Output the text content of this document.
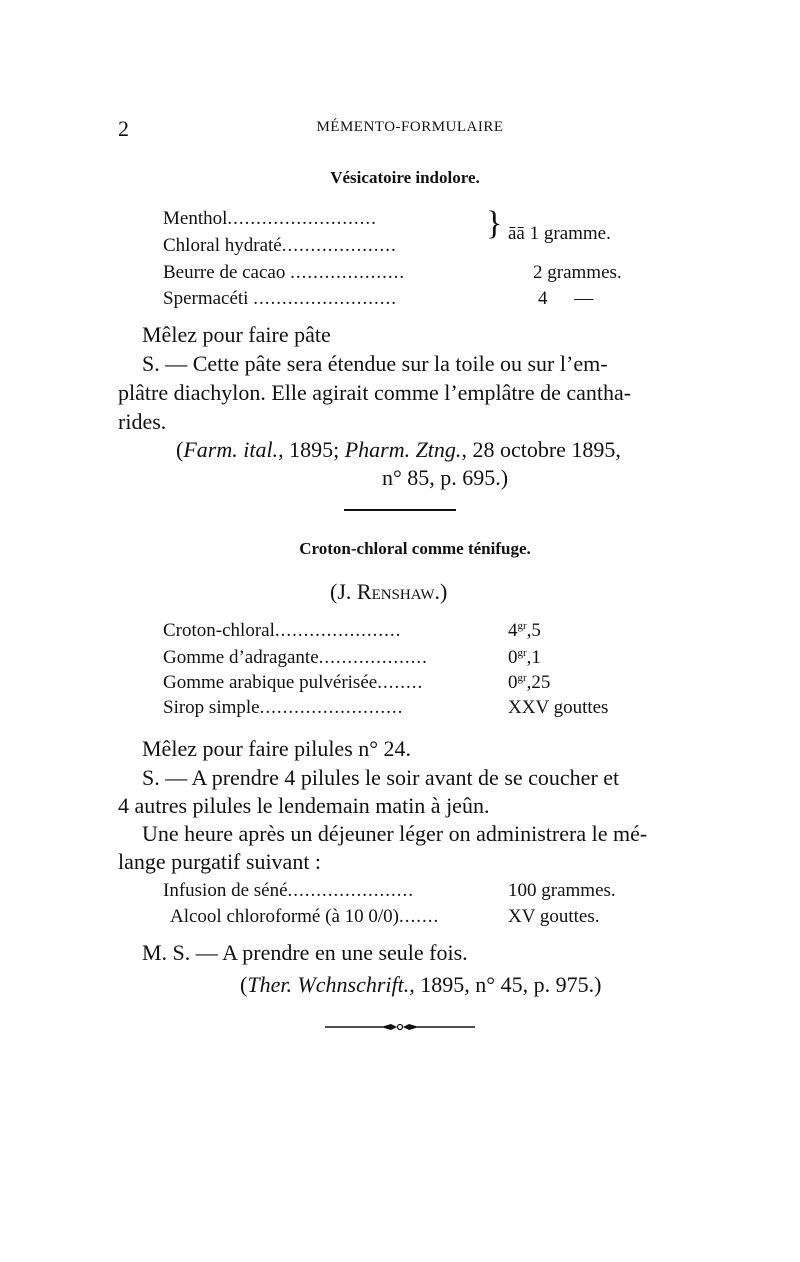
2	MÉMENTO-FORMULAIRE
Vésicatoire indolore.
Menthol..........................
Chloral hydraté....................
} āā 1 gramme.
Beurre de cacao ....................	2 grammes.
Spermacéti .........................	4 —
Mêlez pour faire pâte
S. — Cette pâte sera étendue sur la toile ou sur l’em-
plâtre diachylon. Elle agirait comme l’emplâtre de cantha-
rides.
(Farm. ital., 1895; Pharm. Ztng., 28 octobre 1895,
n° 85, p. 695.)
Croton-chloral comme ténifuge.
(J. Renshaw.)
Croton-chloral......................	$4^{gr},5$
Gomme d’adragante...................	$0^{gr},1$
Gomme arabique pulvérisée........	$0^{gr},25$
Sirop simple.........................	XXV gouttes
Mêlez pour faire pilules n° 24.
S. — A prendre 4 pilules le soir avant de se coucher et
4 autres pilules le lendemain matin à jeûn.
Une heure après un déjeuner léger on administrera le mé-
lange purgatif suivant :
Infusion de séné......................	100 grammes.
Alcool chloroformé (à 10 0/0).......	XV gouttes.
M. S. — A prendre en une seule fois.
(Ther. Wchnschrift., 1895, n° 45, p. 975.)
